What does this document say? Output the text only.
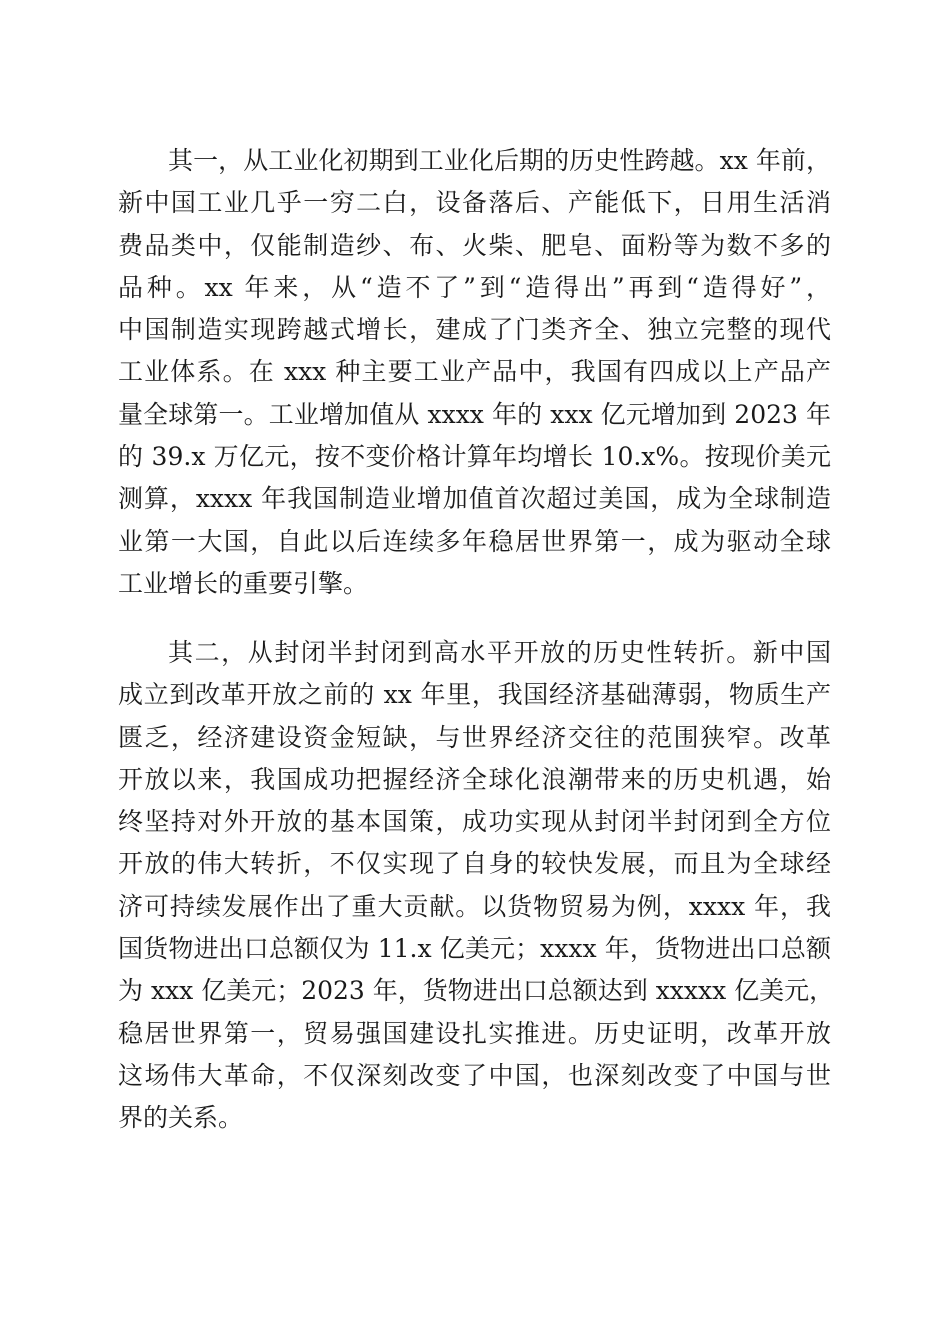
其一，从工业化初期到工业化后期的历史性跨越。xx 年前，
新中国工业几乎一穷二白，设备落后、产能低下，日用生活消
费品类中，仅能制造纱、布、火柴、肥皂、面粉等为数不多的
品种。xx 年来，从“造不了”到“造得出”再到“造得好”，
中国制造实现跨越式增长，建成了门类齐全、独立完整的现代
工业体系。在 xxx 种主要工业产品中，我国有四成以上产品产
量全球第一。工业增加值从 xxxx 年的 xxx 亿元增加到 2023 年
的 39.x 万亿元，按不变价格计算年均增长 10.x%。按现价美元
测算，xxxx 年我国制造业增加值首次超过美国，成为全球制造
业第一大国，自此以后连续多年稳居世界第一，成为驱动全球
工业增长的重要引擎。
其二，从封闭半封闭到高水平开放的历史性转折。新中国
成立到改革开放之前的 xx 年里，我国经济基础薄弱，物质生产
匮乏，经济建设资金短缺，与世界经济交往的范围狭窄。改革
开放以来，我国成功把握经济全球化浪潮带来的历史机遇，始
终坚持对外开放的基本国策，成功实现从封闭半封闭到全方位
开放的伟大转折，不仅实现了自身的较快发展，而且为全球经
济可持续发展作出了重大贡献。以货物贸易为例，xxxx 年，我
国货物进出口总额仅为 11.x 亿美元；xxxx 年，货物进出口总额
为 xxx 亿美元；2023 年，货物进出口总额达到 xxxxx 亿美元，
稳居世界第一，贸易强国建设扎实推进。历史证明，改革开放
这场伟大革命，不仅深刻改变了中国，也深刻改变了中国与世
界的关系。
